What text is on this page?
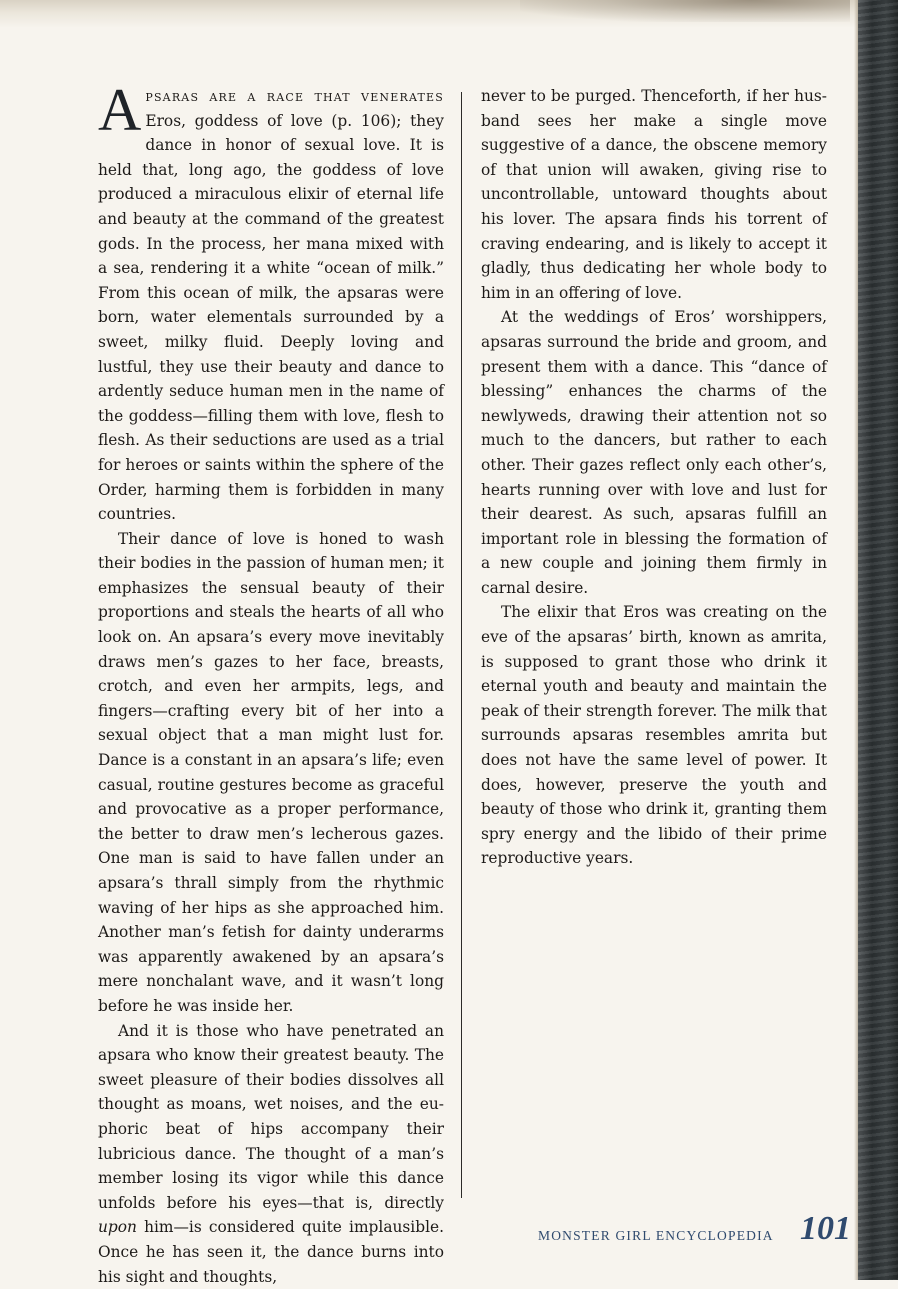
Apsaras are a race that venerates Eros, goddess of love (p. 106); they dance in honor of sexual love. It is held that, long ago, the goddess of love produced a miraculous elixir of eternal life and beauty at the command of the greatest gods. In the process, her mana mixed with a sea, rendering it a white “ocean of milk.” From this ocean of milk, the apsaras were born, water elementals surrounded by a sweet, milky fluid. Deeply loving and lustful, they use their beauty and dance to ardently seduce human men in the name of the goddess—filling them with love, flesh to flesh. As their seductions are used as a trial for heroes or saints within the sphere of the Order, harming them is forbidden in many countries.

Their dance of love is honed to wash their bodies in the passion of human men; it emphasizes the sensual beauty of their proportions and steals the hearts of all who look on. An apsara’s every move inevitably draws men’s gazes to her face, breasts, crotch, and even her armpits, legs, and fingers—crafting every bit of her into a sexual object that a man might lust for. Dance is a constant in an apsara’s life; even casual, routine gestures become as graceful and provocative as a proper performance, the better to draw men’s lecherous gazes. One man is said to have fallen under an apsara’s thrall simply from the rhythmic waving of her hips as she approached him. Another man’s fetish for dainty underarms was apparently awakened by an apsara’s mere nonchalant wave, and it wasn’t long before he was inside her.

And it is those who have penetrated an apsara who know their greatest beauty. The sweet pleasure of their bodies dissolves all thought as moans, wet noises, and the euphoric beat of hips accompany their lubricious dance. The thought of a man’s member losing its vigor while this dance unfolds before his eyes—that is, directly upon him—is considered quite implausible. Once he has seen it, the dance burns into his sight and thoughts,

never to be purged. Thenceforth, if her husband sees her make a single move suggestive of a dance, the obscene memory of that union will awaken, giving rise to uncontrollable, untoward thoughts about his lover. The apsara finds his torrent of craving endearing, and is likely to accept it gladly, thus dedicating her whole body to him in an offering of love.

At the weddings of Eros’ worshippers, apsaras surround the bride and groom, and present them with a dance. This “dance of blessing” enhances the charms of the newlyweds, drawing their attention not so much to the dancers, but rather to each other. Their gazes reflect only each other’s, hearts running over with love and lust for their dearest. As such, apsaras fulfill an important role in blessing the formation of a new couple and joining them firmly in carnal desire.

The elixir that Eros was creating on the eve of the apsaras’ birth, known as amrita, is supposed to grant those who drink it eternal youth and beauty and maintain the peak of their strength forever. The milk that surrounds apsaras resembles amrita but does not have the same level of power. It does, however, preserve the youth and beauty of those who drink it, granting them spry energy and the libido of their prime reproductive years.

MONSTER GIRL ENCYCLOPEDIA 101
